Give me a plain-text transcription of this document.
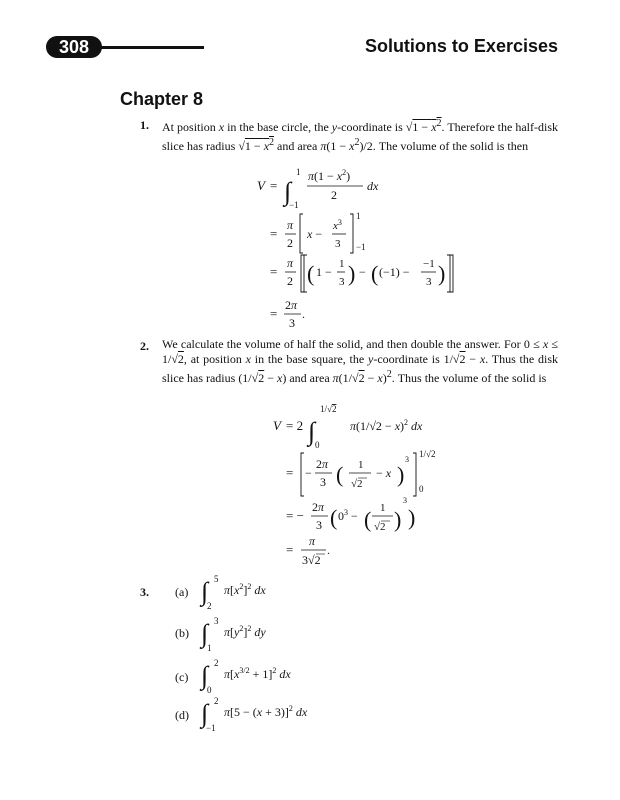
308	Solutions to Exercises
Chapter 8
1. At position x in the base circle, the y-coordinate is $√1 - x^2$. Therefore the half-disk slice has radius $√1 - x^2$ and area $\pi(1 - x^2)/2$. The volume of the solid is then
2. We calculate the volume of half the solid, and then double the answer. For 0 ≤ x ≤ 1/√2, at position x in the base square, the y-coordinate is 1/√2 − x. Thus the disk slice has radius (1/√2 − x) and area $\pi(1/√2 - x)^2$. Thus the volume of the solid is
3. (a)
(b)
(c)
(d)
V = ∫
1
−1
$\pi(1 - x^2)$
2
dx
=
π
2
x −
$x^3$
3
1
−1
=
π
2 ( 1 −
1
3 ) − ( (−1) −
−1
3 )
=
2π
3
.
V = 2 ∫
1/√2
0
$\pi(1/√2 - x)^2$ dx
= −
2π
3 ( 1
√2
− x )
3
1/√2
0
= −
2π
3 ( $0^3$ − ( 1
√2 )
3
)
=
π
3√2
.
∫ 5
2
$\pi[x^2]^2$ dx
∫ 3
1
$\pi[y^2]^2$ dy
∫ 2
0
$\pi[x^{3/2} + 1]^2$ dx
∫ 2
−1
$\pi[5 - (x + 3)]^2$ dx
